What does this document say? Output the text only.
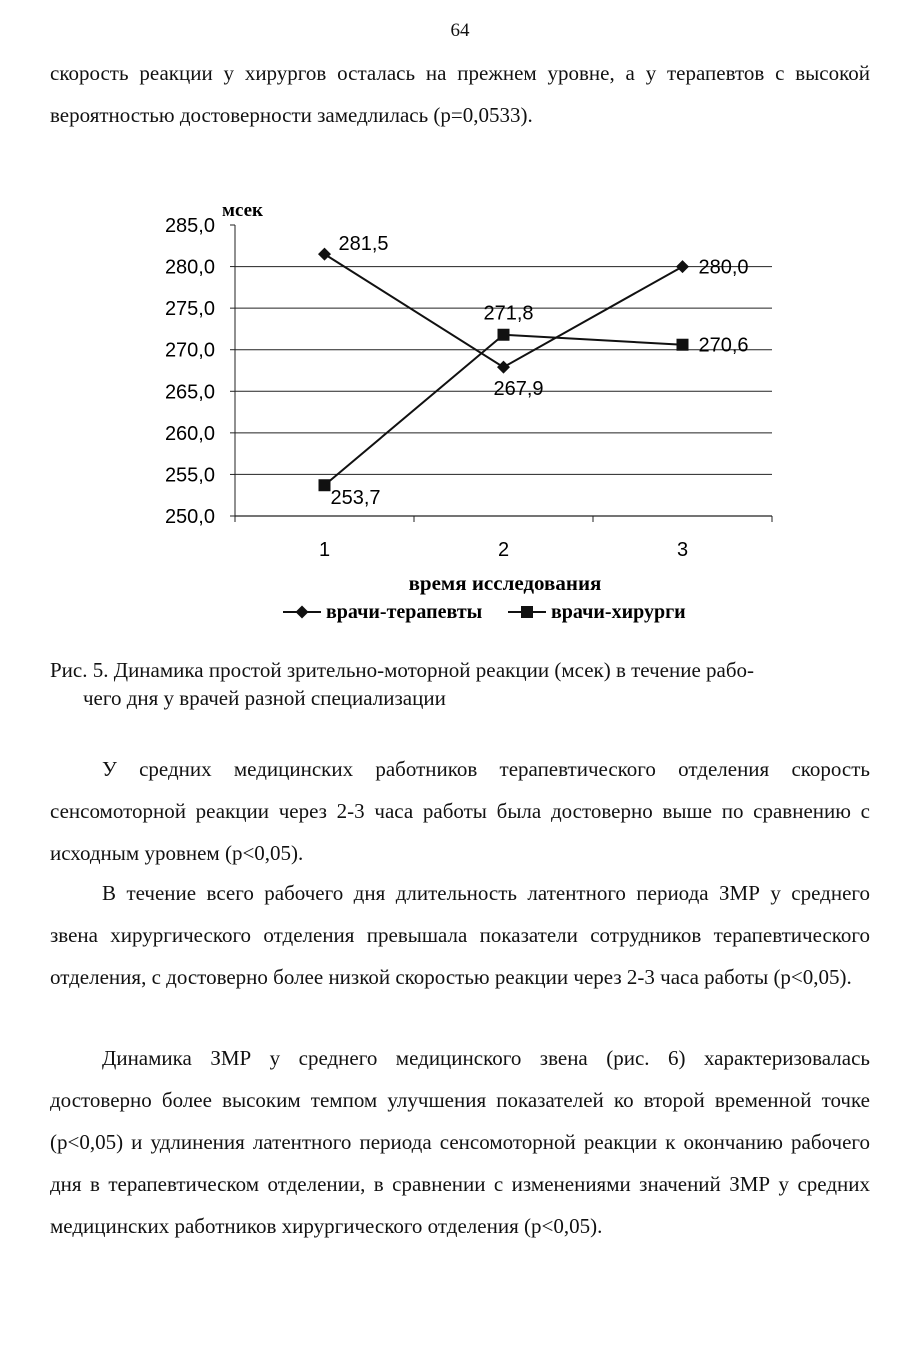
64
скорость реакции у хирургов осталась на прежнем уровне, а у терапевтов с высокой вероятностью достоверности замедлилась (p=0,0533).
250,0
255,0
260,0
265,0
270,0
275,0
280,0
285,0
1	2	3
281,5
267,9
280,0
253,7
271,8
270,6
мсек
время исследования
врачи-терапевты	врачи-хирурги
Рис. 5. Динамика простой зрительно-моторной реакции (мсек) в течение рабо-
чего дня у врачей разной специализации
У средних медицинских работников терапевтического отделения скорость сенсомоторной реакции через 2-3 часа работы была достоверно выше по сравнению с исходным уровнем (p<0,05).
В течение всего рабочего дня длительность латентного периода ЗМР у среднего звена хирургического отделения превышала показатели сотрудников терапевтического отделения, с достоверно более низкой скоростью реакции через 2-3 часа работы (p<0,05).
Динамика ЗМР у среднего медицинского звена (рис. 6) характеризовалась достоверно более высоким темпом улучшения показателей ко второй временной точке (p<0,05) и удлинения латентного периода сенсомоторной реакции к окончанию рабочего дня в терапевтическом отделении, в сравнении с изменениями значений ЗМР у средних медицинских работников хирургического отделения (p<0,05).
